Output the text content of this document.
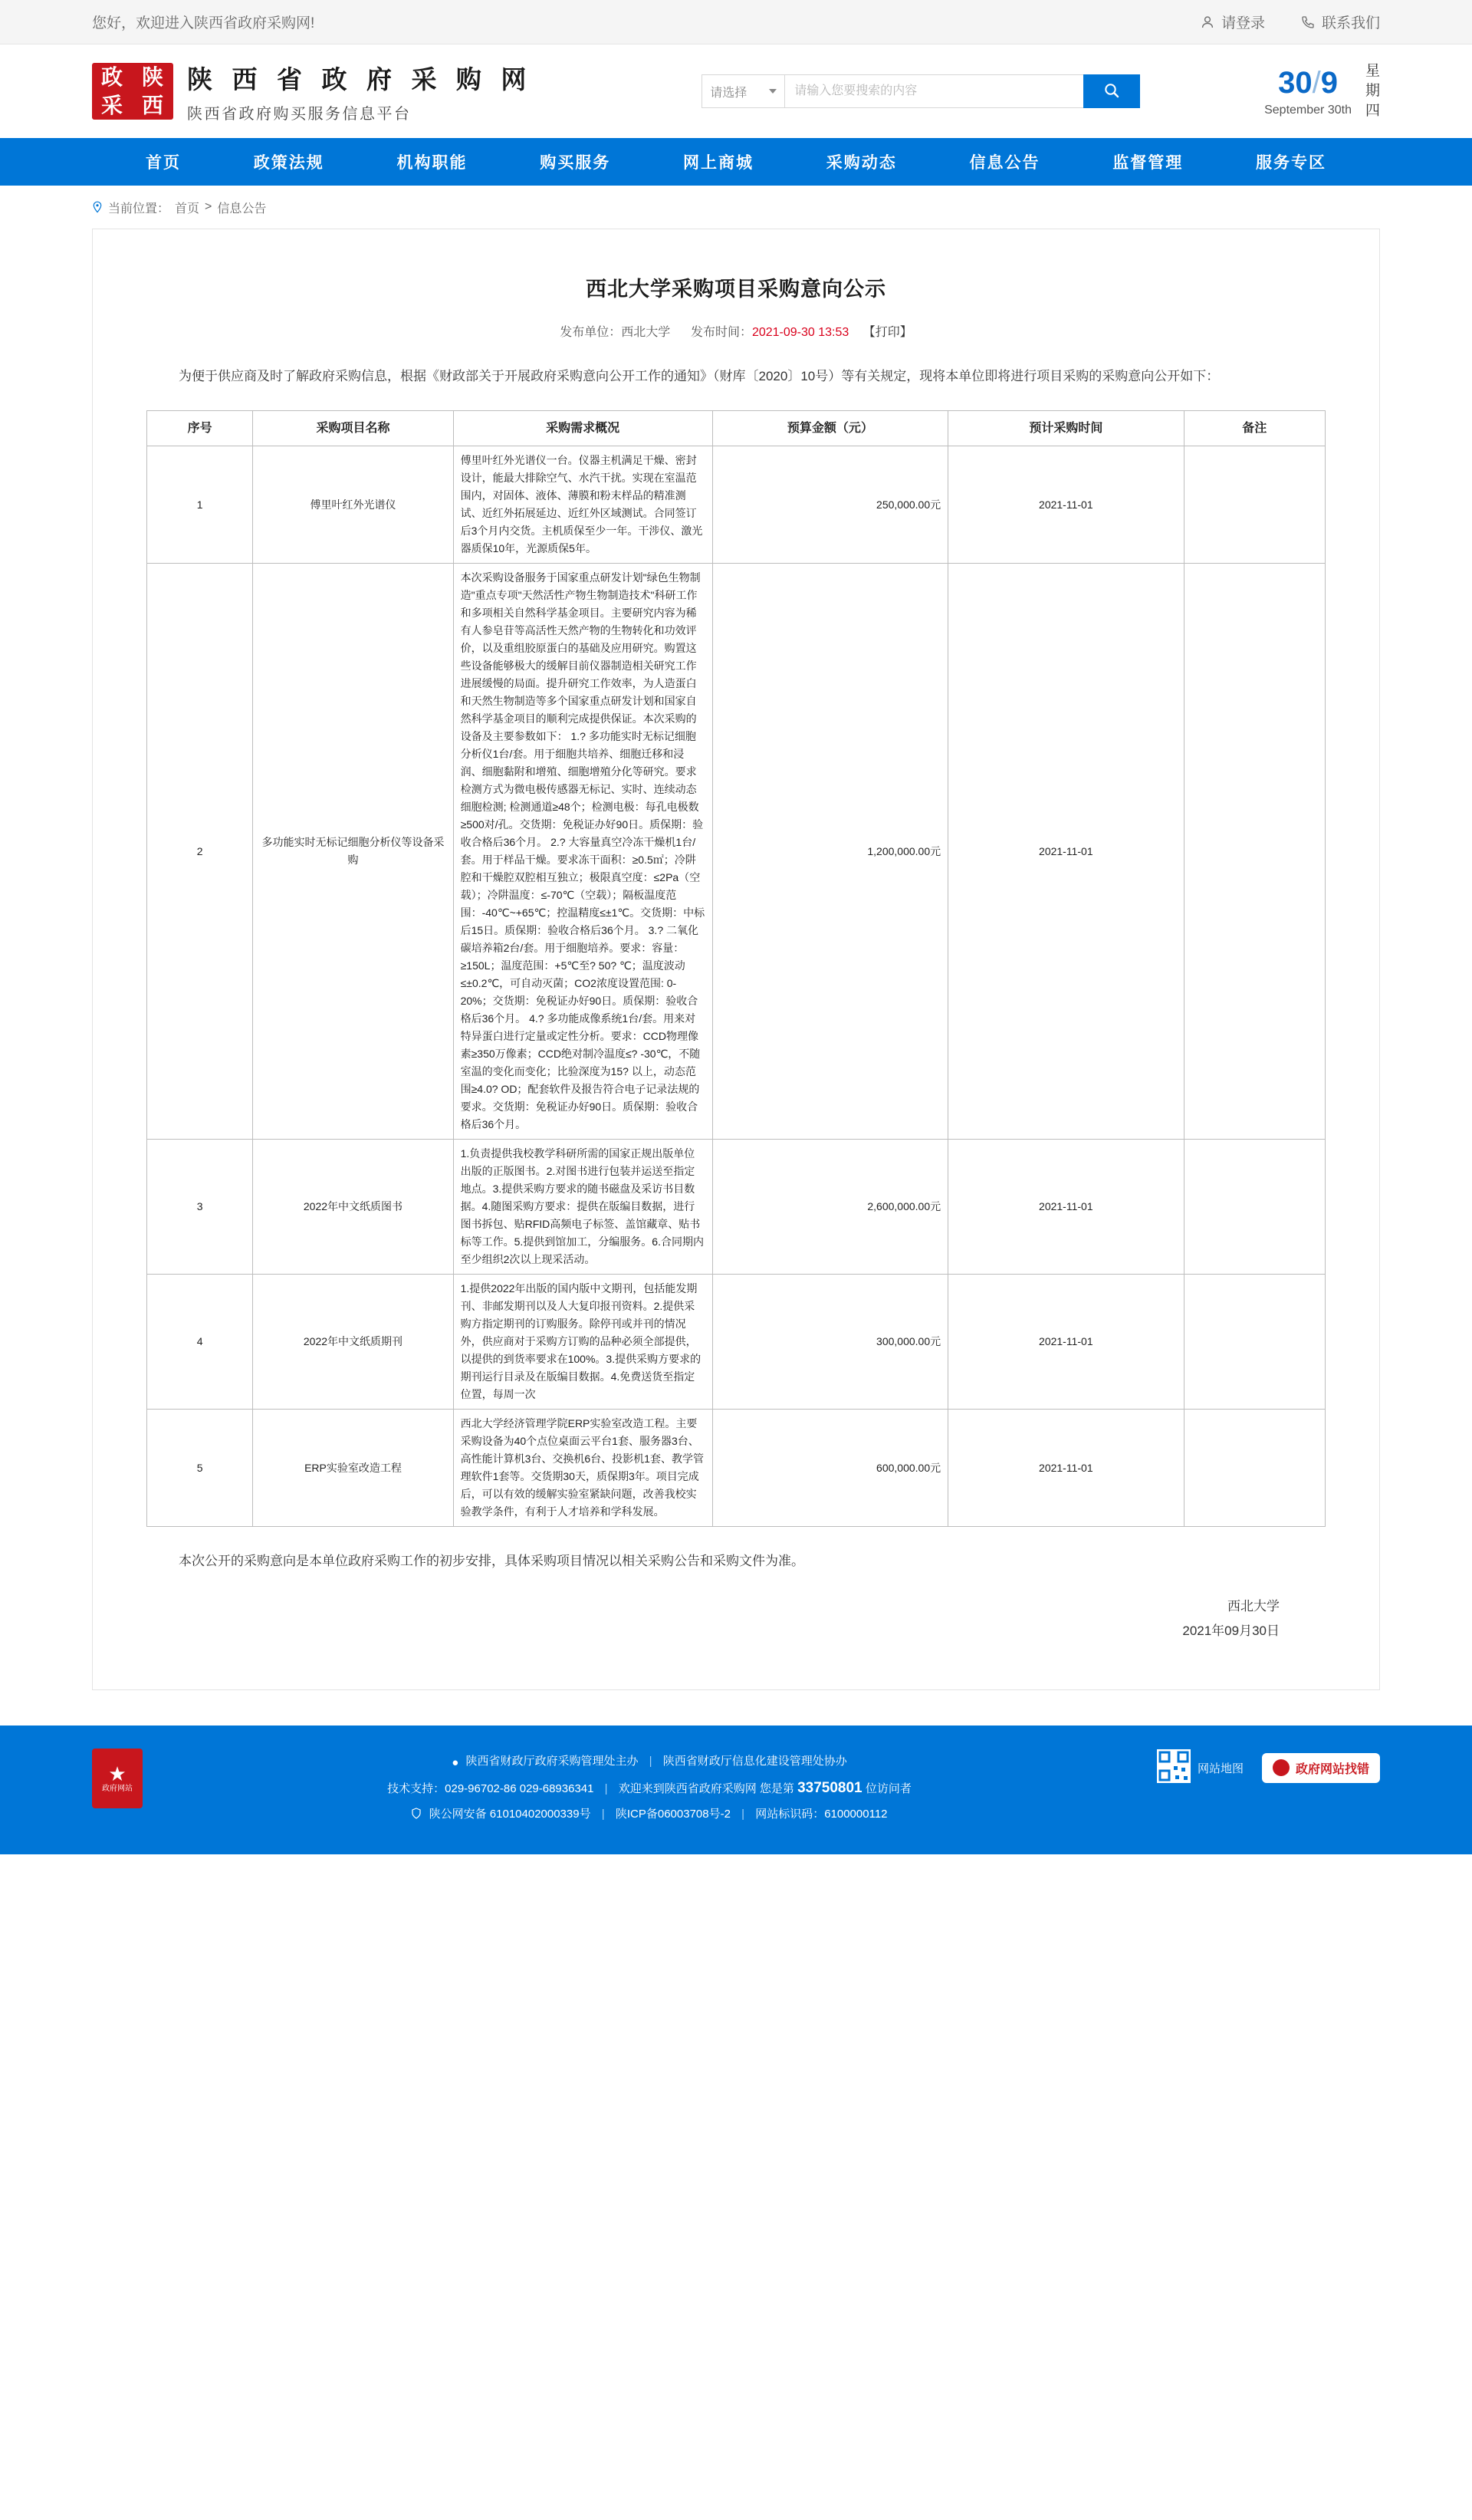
您好，欢迎进入陕西省政府采购网!	请登录	联系我们
政 陕
采 西
陕 西 省 政 府 采 购 网
陕西省政府购买服务信息平台
请选择
请输入您要搜索的内容	30/9
September 30th
星
期
四
首页	政策法规	机构职能	购买服务	网上商城	采购动态	信息公告	监督管理	服务专区
当前位置： 首页 > 信息公告
西北大学采购项目采购意向公示
发布单位：西北大学 发布时间：2021-09-30 13:53 【打印】

为便于供应商及时了解政府采购信息，根据《财政部关于开展政府采购意向公开工作的通知》（财库〔2020〕10号）等有关规定，现将本单位即将进行项目采购的采购意向公开如下：

序号	采购项目名称	采购需求概况	预算金额（元）	预计采购时间	备注
1	傅里叶红外光谱仪	傅里叶红外光谱仪一台。仪器主机满足干燥、密封设计，能最大排除空气、水汽干扰。实现在室温范围内，对固体、液体、薄膜和粉末样品的精准测试、近红外拓展延边、近红外区域测试。合同签订后3个月内交货。主机质保至少一年。干涉仪、激光器质保10年，光源质保5年。	250,000.00元	2021-11-01	
2	多功能实时无标记细胞分析仪等设备采购	本次采购设备服务于国家重点研发计划"绿色生物制造"重点专项"天然活性产物生物制造技术"科研工作和多项相关自然科学基金项目。主要研究内容为稀有人参皂苷等高活性天然产物的生物转化和功效评价，以及重组胶原蛋白的基础及应用研究。购置这些设备能够极大的缓解目前仪器制造相关研究工作进展缓慢的局面。提升研究工作效率，为人造蛋白和天然生物制造等多个国家重点研发计划和国家自然科学基金项目的顺利完成提供保证。本次采购的设备及主要参数如下： 1.? 多功能实时无标记细胞分析仪1台/套。用于细胞共培养、细胞迁移和浸润、细胞黏附和增殖、细胞增殖分化等研究。要求检测方式为微电极传感器无标记、实时、连续动态细胞检测; 检测通道≥48个；检测电极：每孔电极数≥500对/孔。交货期：免税证办好90日。质保期：验收合格后36个月。 2.? 大容量真空冷冻干燥机1台/套。用于样品干燥。要求冻干面积：≥0.5㎡；冷阱腔和干燥腔双腔相互独立；极限真空度：≤2Pa（空载）；冷阱温度：≤-70℃（空载）；隔板温度范围：-40℃~+65℃；控温精度≤±1℃。交货期：中标后15日。质保期：验收合格后36个月。 3.? 二氧化碳培养箱2台/套。用于细胞培养。要求：容量：≥150L；温度范围：+5℃至? 50? ℃；温度波动≤±0.2℃，可自动灭菌；CO2浓度设置范围: 0-20%；交货期：免税证办好90日。质保期：验收合格后36个月。 4.? 多功能成像系统1台/套。用来对特异蛋白进行定量或定性分析。要求：CCD物理像素≥350万像素；CCD绝对制冷温度≤? -30℃，不随室温的变化而变化；比验深度为15? 以上，动态范围≥4.0? OD；配套软件及报告符合电子记录法规的要求。交货期：免税证办好90日。质保期：验收合格后36个月。	1,200,000.00元	2021-11-01	
3	2022年中文纸质图书	1.负责提供我校教学科研所需的国家正规出版单位出版的正版图书。2.对图书进行包装并运送至指定地点。3.提供采购方要求的随书磁盘及采访书目数据。4.随图采购方要求：提供在版编目数据，进行图书拆包、贴RFID高频电子标签、盖馆藏章、贴书标等工作。5.提供到馆加工，分编服务。6.合同期内至少组织2次以上现采活动。	2,600,000.00元	2021-11-01	
4	2022年中文纸质期刊	1.提供2022年出版的国内版中文期刊，包括能发期刊、非邮发期刊以及人大复印报刊资料。2.提供采购方指定期刊的订购服务。除停刊或并刊的情况外，供应商对于采购方订购的品种必须全部提供，以提供的到货率要求在100%。3.提供采购方要求的期刊运行目录及在版编目数据。4.免费送货至指定位置，每周一次	300,000.00元	2021-11-01	
5	ERP实验室改造工程	西北大学经济管理学院ERP实验室改造工程。主要采购设备为40个点位桌面云平台1套、服务器3台、高性能计算机3台、交换机6台、投影机1套、教学管理软件1套等。交货期30天，质保期3年。项目完成后，可以有效的缓解实验室紧缺问题，改善我校实验教学条件，有利于人才培养和学科发展。	600,000.00元	2021-11-01	

本次公开的采购意向是本单位政府采购工作的初步安排，具体采购项目情况以相关采购公告和采购文件为准。

西北大学
2021年09月30日
★
政府网站
● 陕西省财政厅政府采购管理处主办 | 陕西省财政厅信息化建设管理处协办
技术支持：029-96702-86 029-68936341 | 欢迎来到陕西省政府采购网 您是第 33750801 位访问者
陕公网安备 61010402000339号 | 陕ICP备06003708号-2 | 网站标识码：6100000112
网站地图	政府网站找错
